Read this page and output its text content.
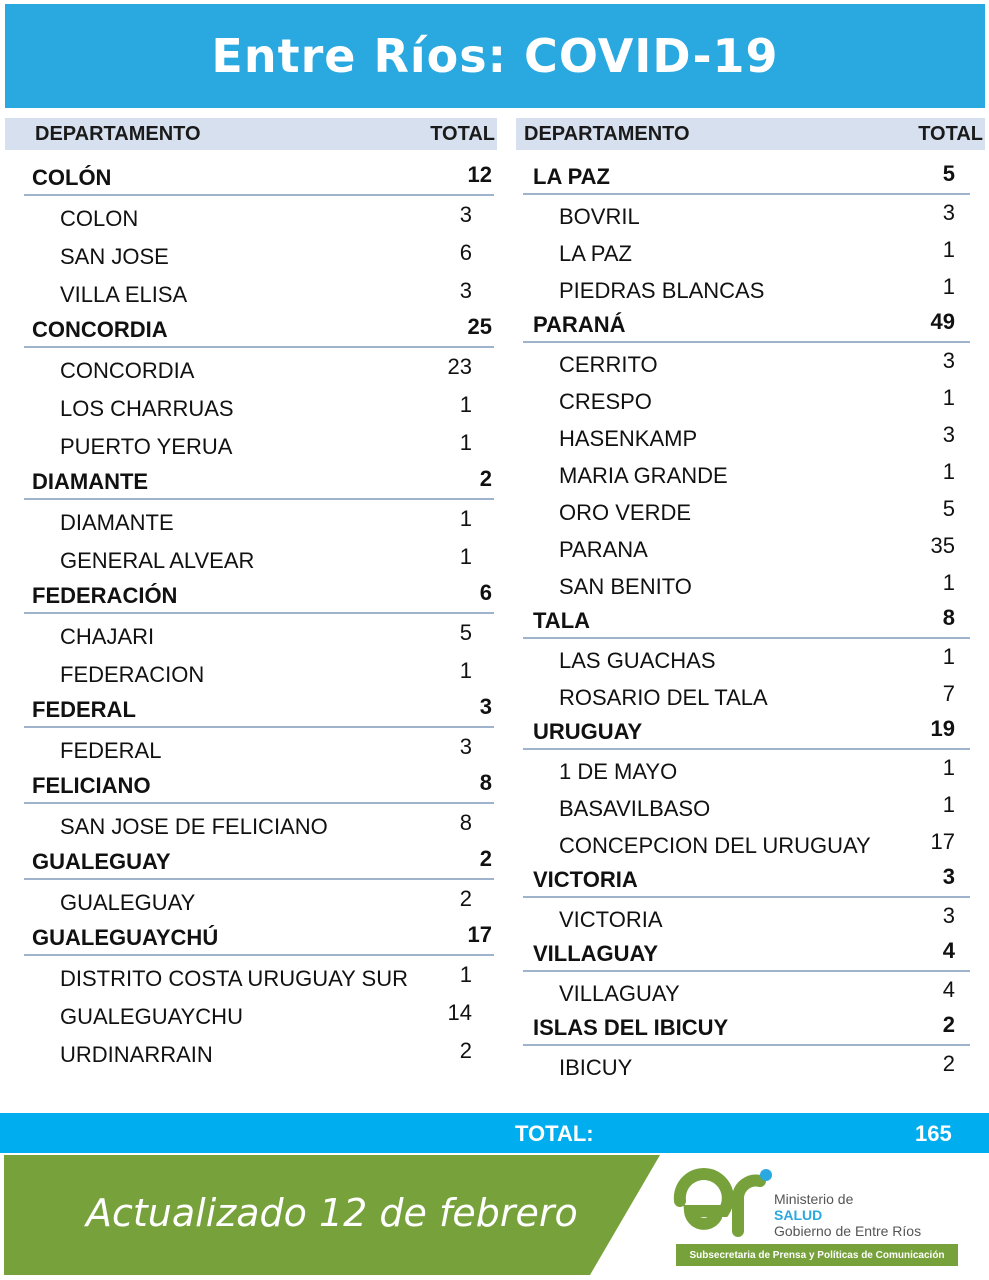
Entre Ríos: COVID-19
DEPARTAMENTO	TOTAL DEPARTAMENTO	TOTAL
COLÓN	12
COLON	3
SAN JOSE	6
VILLA ELISA	3
CONCORDIA	25
CONCORDIA	23
LOS CHARRUAS	1
PUERTO YERUA	1
DIAMANTE	2
DIAMANTE	1
GENERAL ALVEAR	1
FEDERACIÓN	6
CHAJARI	5
FEDERACION	1
FEDERAL	3
FEDERAL	3
FELICIANO	8
SAN JOSE DE FELICIANO	8
GUALEGUAY	2
GUALEGUAY	2
GUALEGUAYCHÚ	17
DISTRITO COSTA URUGUAY SUR 1
GUALEGUAYCHU	14
URDINARRAIN	2
LA PAZ	5
BOVRIL	3
LA PAZ	1
PIEDRAS BLANCAS	1
PARANÁ	49
CERRITO	3
CRESPO	1
HASENKAMP	3
MARIA GRANDE	1
ORO VERDE	5
PARANA	35
SAN BENITO	1
TALA	8
LAS GUACHAS	1
ROSARIO DEL TALA	7
URUGUAY	19
1 DE MAYO	1
BASAVILBASO	1
CONCEPCION DEL URUGUAY	17
VICTORIA	3
VICTORIA	3
VILLAGUAY	4
VILLAGUAY	4
ISLAS DEL IBICUY	2
IBICUY	2
TOTAL:	165
Actualizado 12 de febrero	Ministerio de
SALUD
Gobierno de Entre Ríos
Subsecretaria de Prensa y Políticas de Comunicación
